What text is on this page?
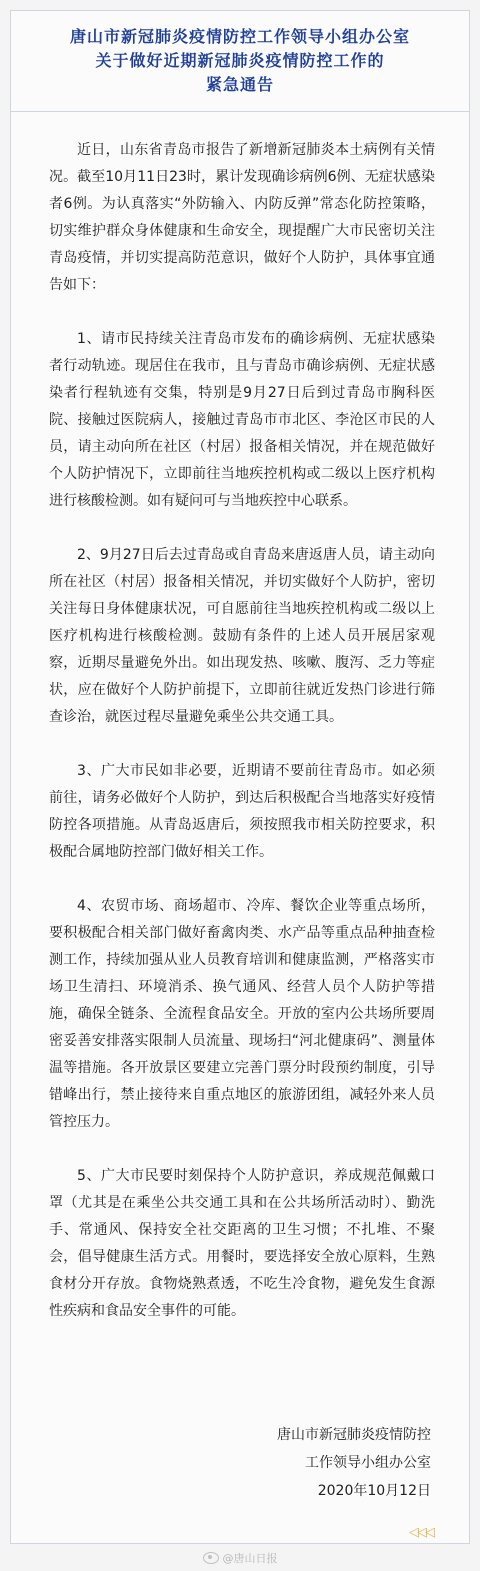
唐山市新冠肺炎疫情防控工作领导小组办公室
关于做好近期新冠肺炎疫情防控工作的
紧急通告

近日，山东省青岛市报告了新增新冠肺炎本土病例有关情况。截至10月11日23时，累计发现确诊病例6例、无症状感染者6例。为认真落实“外防输入、内防反弹”常态化防控策略，切实维护群众身体健康和生命安全，现提醒广大市民密切关注青岛疫情，并切实提高防范意识，做好个人防护，具体事宜通告如下：

1、请市民持续关注青岛市发布的确诊病例、无症状感染者行动轨迹。现居住在我市，且与青岛市确诊病例、无症状感染者行程轨迹有交集，特别是9月27日后到过青岛市胸科医院、接触过医院病人，接触过青岛市市北区、李沧区市民的人员，请主动向所在社区（村居）报备相关情况，并在规范做好个人防护情况下，立即前往当地疾控机构或二级以上医疗机构进行核酸检测。如有疑问可与当地疾控中心联系。

2、9月27日后去过青岛或自青岛来唐返唐人员，请主动向所在社区（村居）报备相关情况，并切实做好个人防护，密切关注每日身体健康状况，可自愿前往当地疾控机构或二级以上医疗机构进行核酸检测。鼓励有条件的上述人员开展居家观察，近期尽量避免外出。如出现发热、咳嗽、腹泻、乏力等症状，应在做好个人防护前提下，立即前往就近发热门诊进行筛查诊治，就医过程尽量避免乘坐公共交通工具。

3、广大市民如非必要，近期请不要前往青岛市。如必须前往，请务必做好个人防护，到达后积极配合当地落实好疫情防控各项措施。从青岛返唐后，须按照我市相关防控要求，积极配合属地防控部门做好相关工作。

4、农贸市场、商场超市、冷库、餐饮企业等重点场所，要积极配合相关部门做好畜禽肉类、水产品等重点品种抽查检测工作，持续加强从业人员教育培训和健康监测，严格落实市场卫生清扫、环境消杀、换气通风、经营人员个人防护等措施，确保全链条、全流程食品安全。开放的室内公共场所要周密妥善安排落实限制人员流量、现场扫“河北健康码”、测量体温等措施。各开放景区要建立完善门票分时段预约制度，引导错峰出行，禁止接待来自重点地区的旅游团组，减轻外来人员管控压力。

5、广大市民要时刻保持个人防护意识，养成规范佩戴口罩（尤其是在乘坐公共交通工具和在公共场所活动时）、勤洗手、常通风、保持安全社交距离的卫生习惯；不扎堆、不聚会，倡导健康生活方式。用餐时，要选择安全放心原料，生熟食材分开存放。食物烧熟煮透，不吃生冷食物，避免发生食源性疾病和食品安全事件的可能。

唐山市新冠肺炎疫情防控
工作领导小组办公室
2020年10月12日
◁◁◁
@唐山日报
